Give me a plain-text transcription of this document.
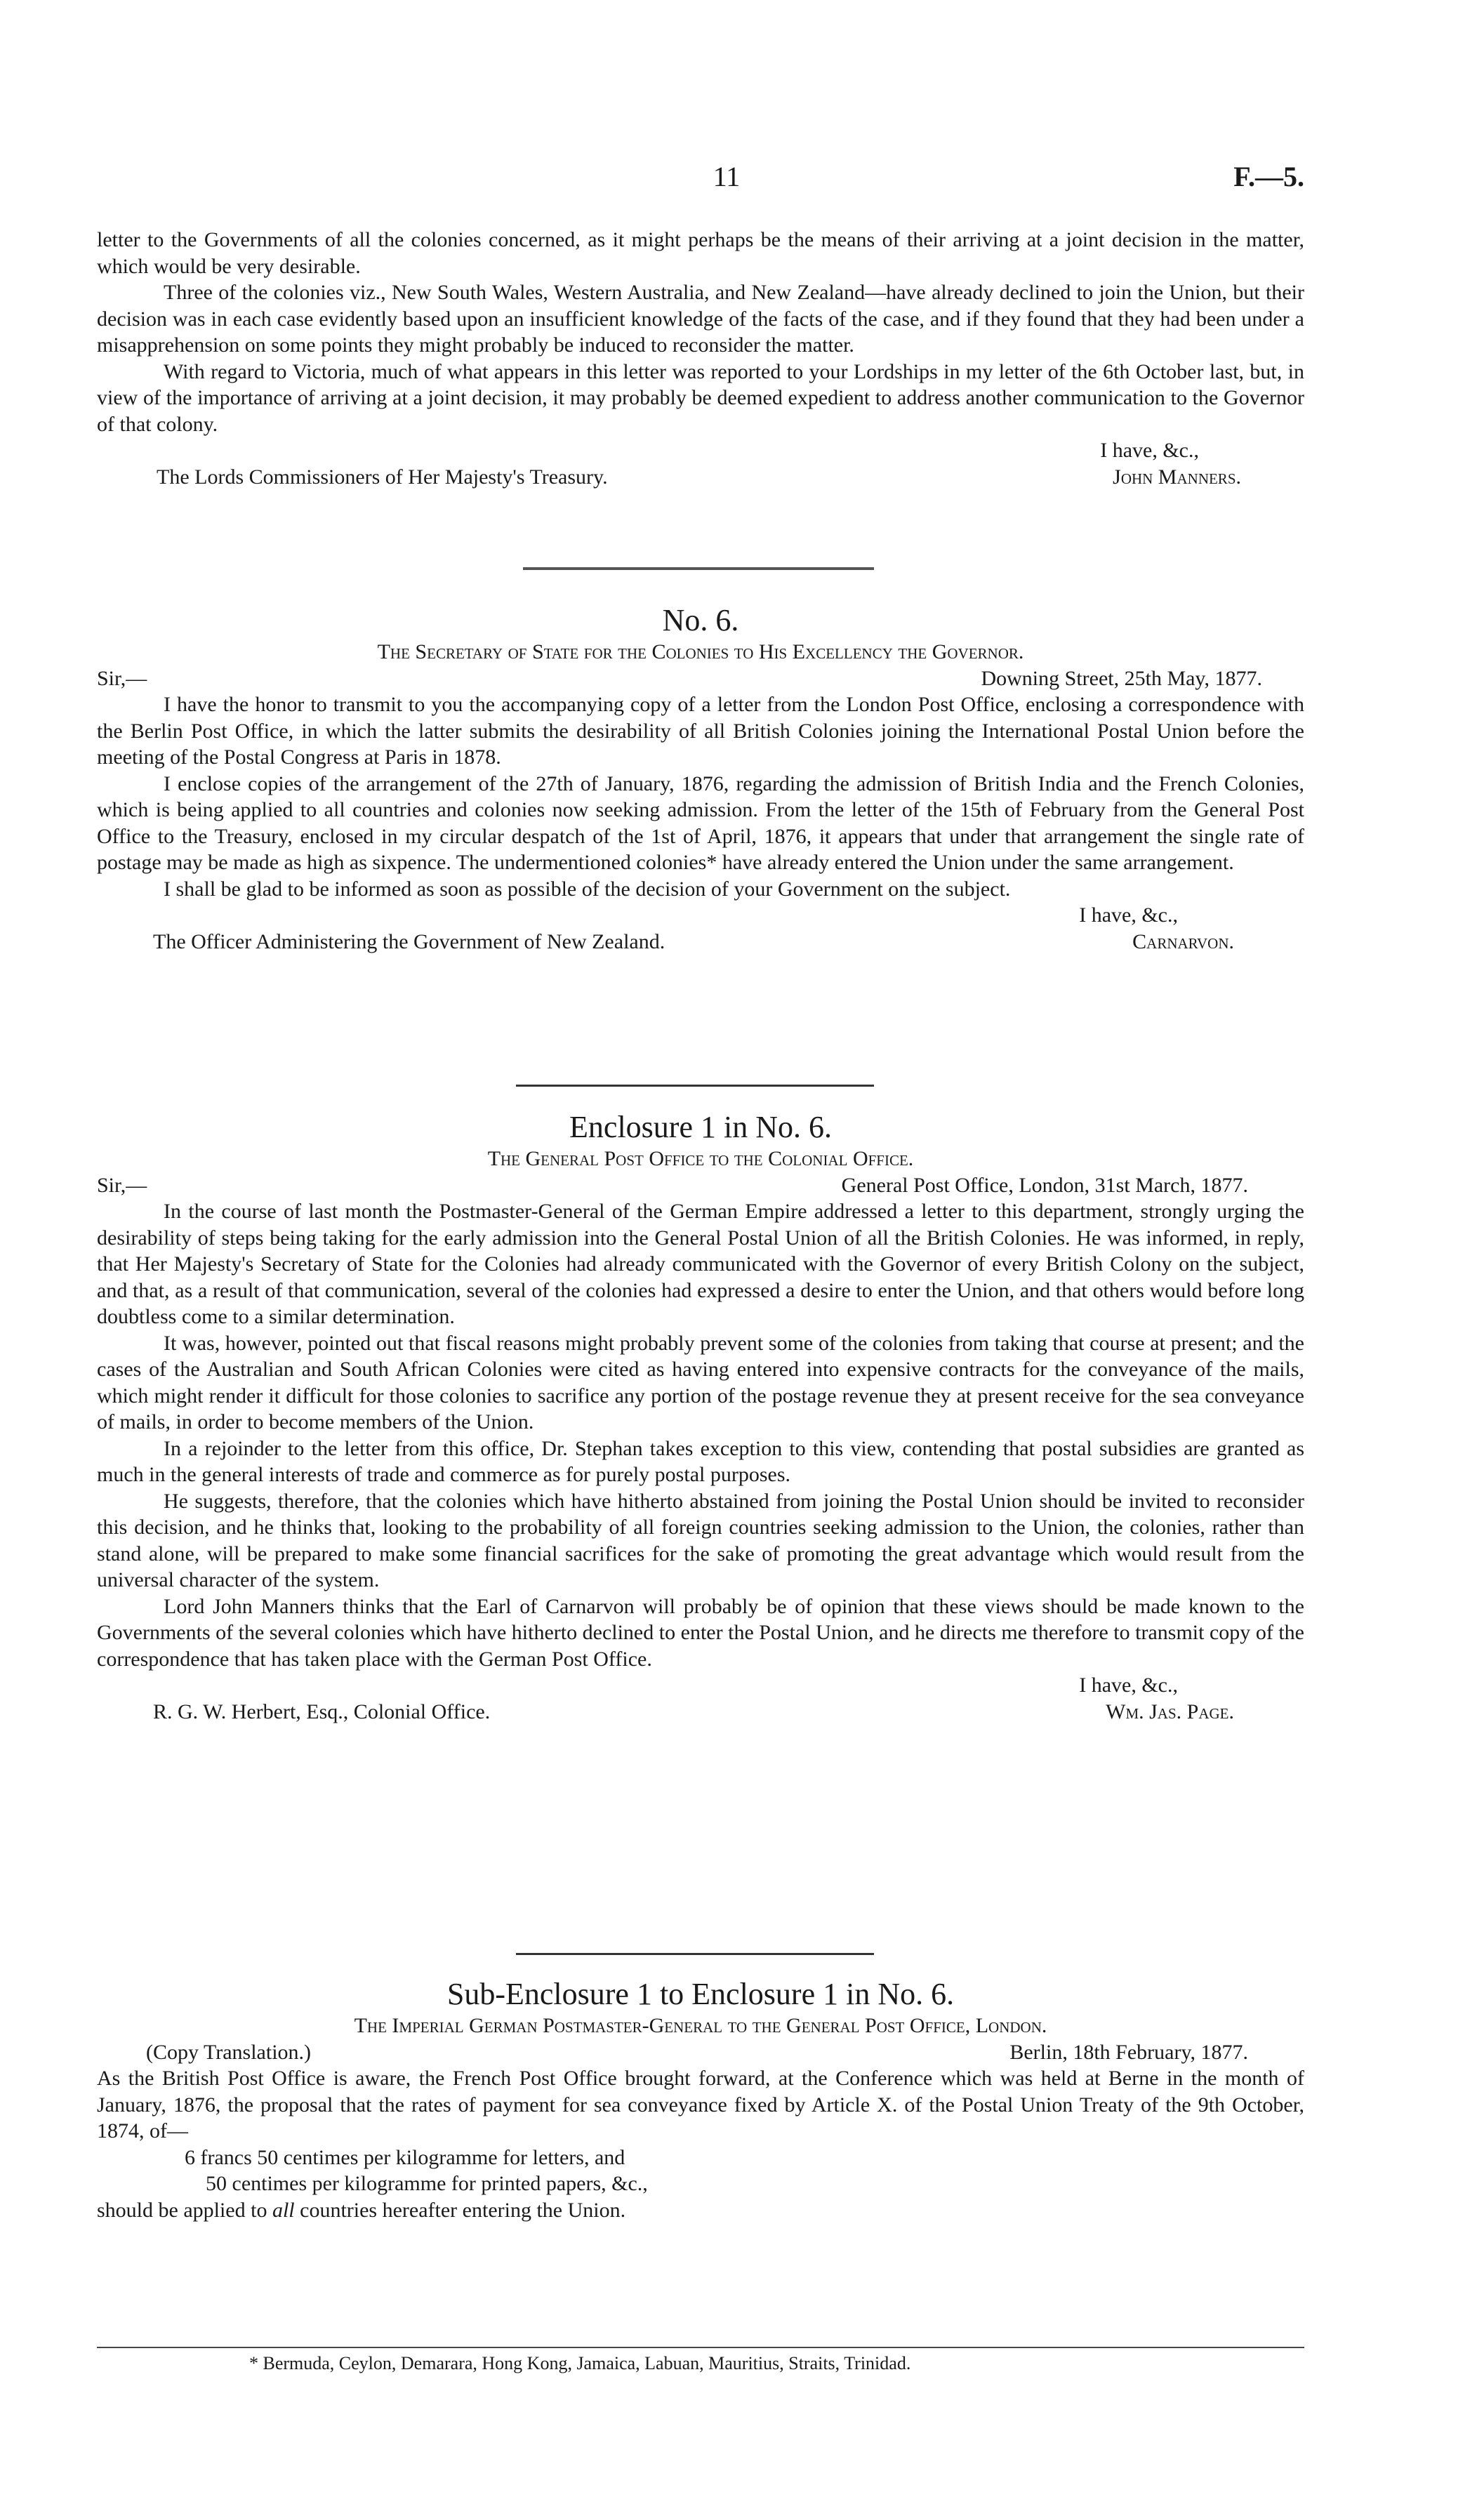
11	F.—5.

letter to the Governments of all the colonies concerned, as it might perhaps be the means of their arriving at a joint decision in the matter, which would be very desirable.

Three of the colonies viz., New South Wales, Western Australia, and New Zealand—have already declined to join the Union, but their decision was in each case evidently based upon an insufficient knowledge of the facts of the case, and if they found that they had been under a misapprehension on some points they might probably be induced to reconsider the matter.

With regard to Victoria, much of what appears in this letter was reported to your Lordships in my letter of the 6th October last, but, in view of the importance of arriving at a joint decision, it may probably be deemed expedient to address another communication to the Governor of that colony.

I have, &c.,
The Lords Commissioners of Her Majesty's Treasury.	John Manners.

No. 6.

The Secretary of State for the Colonies to His Excellency the Governor.

Sir,—	Downing Street, 25th May, 1877.

I have the honor to transmit to you the accompanying copy of a letter from the London Post Office, enclosing a correspondence with the Berlin Post Office, in which the latter submits the desirability of all British Colonies joining the International Postal Union before the meeting of the Postal Congress at Paris in 1878.

I enclose copies of the arrangement of the 27th of January, 1876, regarding the admission of British India and the French Colonies, which is being applied to all countries and colonies now seeking admission. From the letter of the 15th of February from the General Post Office to the Treasury, enclosed in my circular despatch of the 1st of April, 1876, it appears that under that arrangement the single rate of postage may be made as high as sixpence. The undermentioned colonies* have already entered the Union under the same arrangement.

I shall be glad to be informed as soon as possible of the decision of your Government on the subject.

I have, &c.,
The Officer Administering the Government of New Zealand.	Carnarvon.

Enclosure 1 in No. 6.

The General Post Office to the Colonial Office.

Sir,—	General Post Office, London, 31st March, 1877.

In the course of last month the Postmaster-General of the German Empire addressed a letter to this department, strongly urging the desirability of steps being taking for the early admission into the General Postal Union of all the British Colonies. He was informed, in reply, that Her Majesty's Secretary of State for the Colonies had already communicated with the Governor of every British Colony on the subject, and that, as a result of that communication, several of the colonies had expressed a desire to enter the Union, and that others would before long doubtless come to a similar determination.

It was, however, pointed out that fiscal reasons might probably prevent some of the colonies from taking that course at present; and the cases of the Australian and South African Colonies were cited as having entered into expensive contracts for the conveyance of the mails, which might render it difficult for those colonies to sacrifice any portion of the postage revenue they at present receive for the sea conveyance of mails, in order to become members of the Union.

In a rejoinder to the letter from this office, Dr. Stephan takes exception to this view, contending that postal subsidies are granted as much in the general interests of trade and commerce as for purely postal purposes.

He suggests, therefore, that the colonies which have hitherto abstained from joining the Postal Union should be invited to reconsider this decision, and he thinks that, looking to the probability of all foreign countries seeking admission to the Union, the colonies, rather than stand alone, will be prepared to make some financial sacrifices for the sake of promoting the great advantage which would result from the universal character of the system.

Lord John Manners thinks that the Earl of Carnarvon will probably be of opinion that these views should be made known to the Governments of the several colonies which have hitherto declined to enter the Postal Union, and he directs me therefore to transmit copy of the correspondence that has taken place with the German Post Office.

I have, &c.,
R. G. W. Herbert, Esq., Colonial Office.	Wm. Jas. Page.

Sub-Enclosure 1 to Enclosure 1 in No. 6.

The Imperial German Postmaster-General to the General Post Office, London.

(Copy Translation.)	Berlin, 18th February, 1877.

As the British Post Office is aware, the French Post Office brought forward, at the Conference which was held at Berne in the month of January, 1876, the proposal that the rates of payment for sea conveyance fixed by Article X. of the Postal Union Treaty of the 9th October, 1874, of—

6 francs 50 centimes per kilogramme for letters, and

50 centimes per kilogramme for printed papers, &c.,

should be applied to all countries hereafter entering the Union.

* Bermuda, Ceylon, Demarara, Hong Kong, Jamaica, Labuan, Mauritius, Straits, Trinidad.
